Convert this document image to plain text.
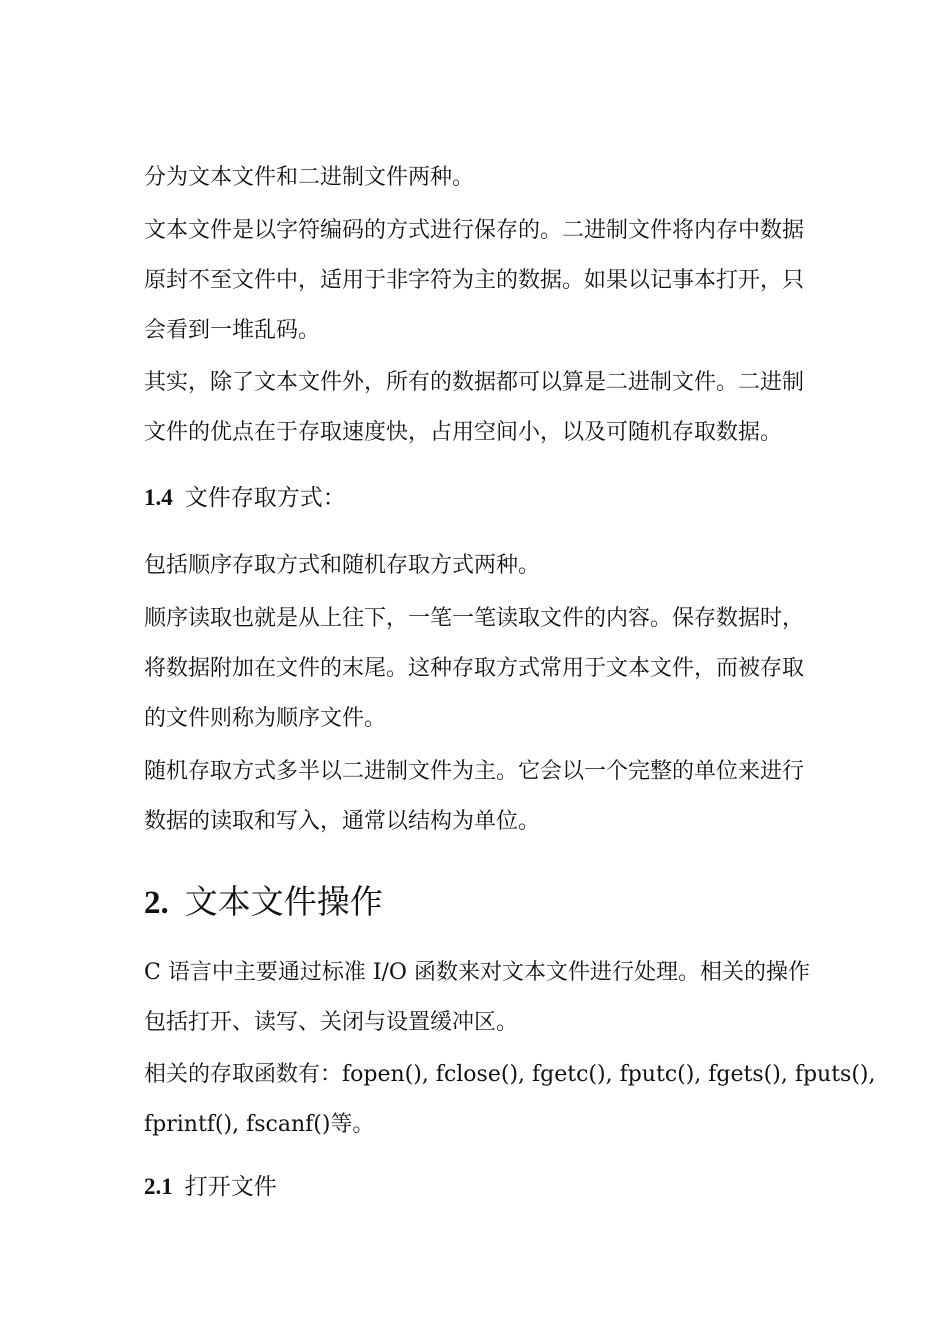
分为文本文件和二进制文件两种。

文本文件是以字符编码的方式进行保存的。二进制文件将内存中数据
原封不至文件中，适用于非字符为主的数据。如果以记事本打开，只
会看到一堆乱码。

其实，除了文本文件外，所有的数据都可以算是二进制文件。二进制
文件的优点在于存取速度快，占用空间小，以及可随机存取数据。

1.4 文件存取方式：

包括顺序存取方式和随机存取方式两种。

顺序读取也就是从上往下，一笔一笔读取文件的内容。保存数据时，
将数据附加在文件的末尾。这种存取方式常用于文本文件，而被存取
的文件则称为顺序文件。

随机存取方式多半以二进制文件为主。它会以一个完整的单位来进行
数据的读取和写入，通常以结构为单位。

2. 文本文件操作

C 语言中主要通过标准 I/O 函数来对文本文件进行处理。相关的操作
包括打开、读写、关闭与设置缓冲区。

相关的存取函数有：fopen(), fclose(), fgetc(), fputc(), fgets(), fputs(),
fprintf(), fscanf()等。

2.1 打开文件
